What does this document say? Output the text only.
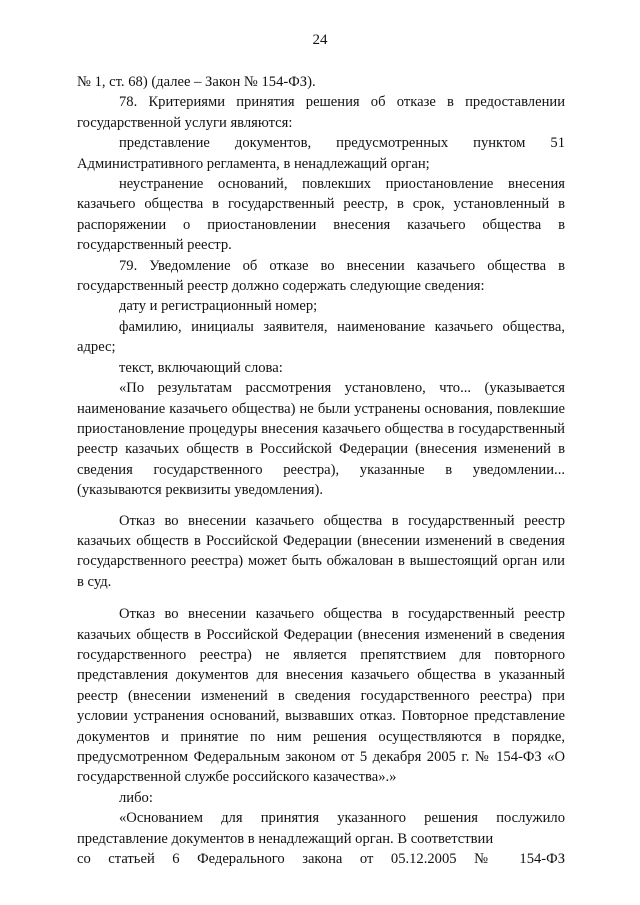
24

№ 1, ст. 68) (далее – Закон № 154-ФЗ).

78. Критериями принятия решения об отказе в предоставлении государственной услуги являются:

представление документов, предусмотренных пунктом 51

Административного регламента, в ненадлежащий орган;

неустранение оснований, повлекших приостановление внесения казачьего общества в государственный реестр, в срок, установленный в распоряжении о приостановлении внесения казачьего общества в государственный реестр.

79. Уведомление об отказе во внесении казачьего общества в государственный реестр должно содержать следующие сведения:

дату и регистрационный номер;

фамилию, инициалы заявителя, наименование казачьего общества, адрес;

текст, включающий слова:

«По результатам рассмотрения установлено, что... (указывается наименование казачьего общества) не были устранены основания, повлекшие приостановление процедуры внесения казачьего общества в государственный реестр казачьих обществ в Российской Федерации (внесения изменений в сведения государственного реестра), указанные в уведомлении... (указываются реквизиты уведомления).

Отказ во внесении казачьего общества в государственный реестр казачьих обществ в Российской Федерации (внесении изменений в сведения государственного реестра) может быть обжалован в вышестоящий орган или в суд.

Отказ во внесении казачьего общества в государственный реестр казачьих обществ в Российской Федерации (внесения изменений в сведения государственного реестра) не является препятствием для повторного представления документов для внесения казачьего общества в указанный реестр (внесении изменений в сведения государственного реестра) при условии устранения оснований, вызвавших отказ. Повторное представление документов и принятие по ним решения осуществляются в порядке, предусмотренном Федеральным законом от 5 декабря 2005 г. № 154-ФЗ «О государственной службе российского казачества».»

либо:

«Основанием для принятия указанного решения послужило представление документов в ненадлежащий орган. В соответствии

со статьей 6 Федерального закона от 05.12.2005 № 154-ФЗ
